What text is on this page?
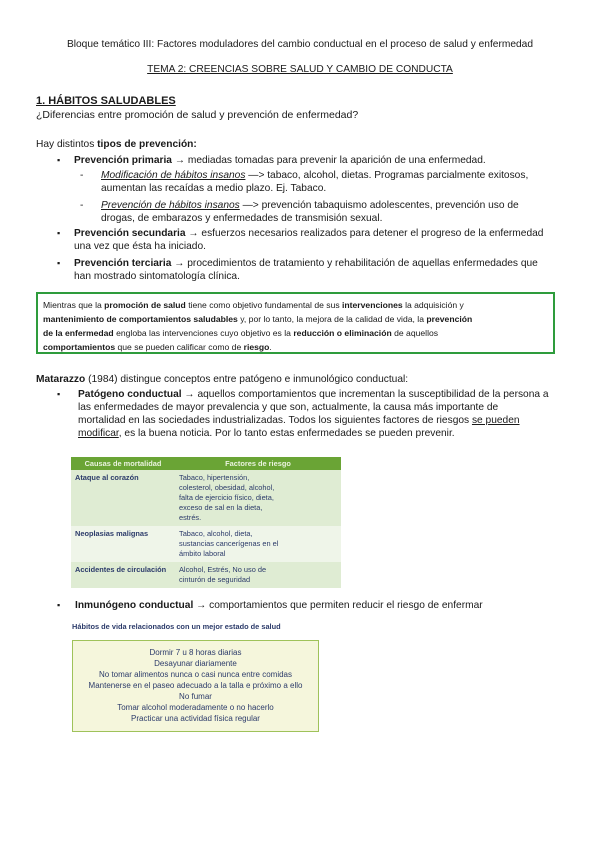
Bloque temático III: Factores moduladores del cambio conductual en el proceso de salud y enfermedad
TEMA 2: CREENCIAS SOBRE SALUD Y CAMBIO DE CONDUCTA
1. HÁBITOS SALUDABLES
¿Diferencias entre promoción de salud y prevención de enfermedad?
Hay distintos tipos de prevención:
▪ Prevención primaria → mediadas tomadas para prevenir la aparición de una enfermedad.
- Modificación de hábitos insanos —> tabaco, alcohol, dietas. Programas parcialmente exitosos,
aumentan las recaídas a medio plazo. Ej. Tabaco.
- Prevención de hábitos insanos —> prevención tabaquismo adolescentes, prevención uso de
drogas, de embarazos y enfermedades de transmisión sexual.
▪ Prevención secundaria → esfuerzos necesarios realizados para detener el progreso de la enfermedad
una vez que ésta ha iniciado.
▪ Prevención terciaria → procedimientos de tratamiento y rehabilitación de aquellas enfermedades que
han mostrado sintomatología clínica.
Mientras que la promoción de salud tiene como objetivo fundamental de sus intervenciones la adquisición y
mantenimiento de comportamientos saludables y, por lo tanto, la mejora de la calidad de vida, la prevención
de la enfermedad engloba las intervenciones cuyo objetivo es la reducción o eliminación de aquellos
comportamientos que se pueden calificar como de riesgo.
Matarazzo (1984) distingue conceptos entre patógeno e inmunológico conductual:
▪ Patógeno conductual → aquellos comportamientos que incrementan la susceptibilidad de la persona a
las enfermedades de mayor prevalencia y que son, actualmente, la causa más importante de
mortalidad en las sociedades industrializadas. Todos los siguientes factores de riesgos se pueden
modificar, es la buena noticia. Por lo tanto estas enfermedades se pueden prevenir.
Causas de mortalidad	Factores de riesgo
Ataque al corazón	Tabaco, hipertensión,
colesterol, obesidad, alcohol,
falta de ejercicio físico, dieta,
exceso de sal en la dieta,
estrés.

Neoplasias malignas	Tabaco, alcohol, dieta,
sustancias cancerígenas en el
ámbito laboral

Accidentes de circulación	Alcohol, Estrés, No uso de
cinturón de seguridad
▪ Inmunógeno conductual → comportamientos que permiten reducir el riesgo de enfermar
Hábitos de vida relacionados con un mejor estado de salud
Dormir 7 u 8 horas diarias
Desayunar diariamente
No tomar alimentos nunca o casi nunca entre comidas
Mantenerse en el paseo adecuado a la talla e próximo a ello
No fumar
Tomar alcohol moderadamente o no hacerlo
Practicar una actividad física regular
